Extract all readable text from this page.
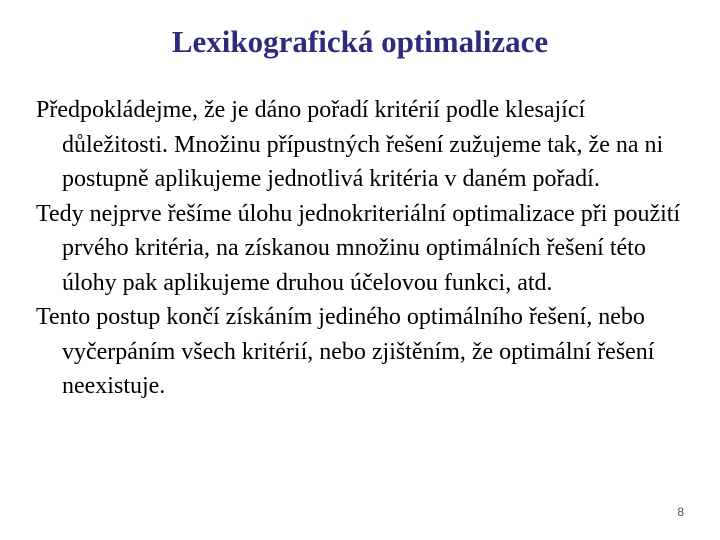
Lexikografická optimalizace

Předpokládejme, že je dáno pořadí kritérií podle klesající důležitosti. Množinu přípustných řešení zužujeme tak, že na ni postupně aplikujeme jednotlivá kritéria v daném pořadí.

Tedy nejprve řešíme úlohu jednokriteriální optimalizace při použití prvého kritéria, na získanou množinu optimálních řešení této úlohy pak aplikujeme druhou účelovou funkci, atd.

Tento postup končí získáním jediného optimálního řešení, nebo vyčerpáním všech kritérií, nebo zjištěním, že optimální řešení neexistuje.

8
